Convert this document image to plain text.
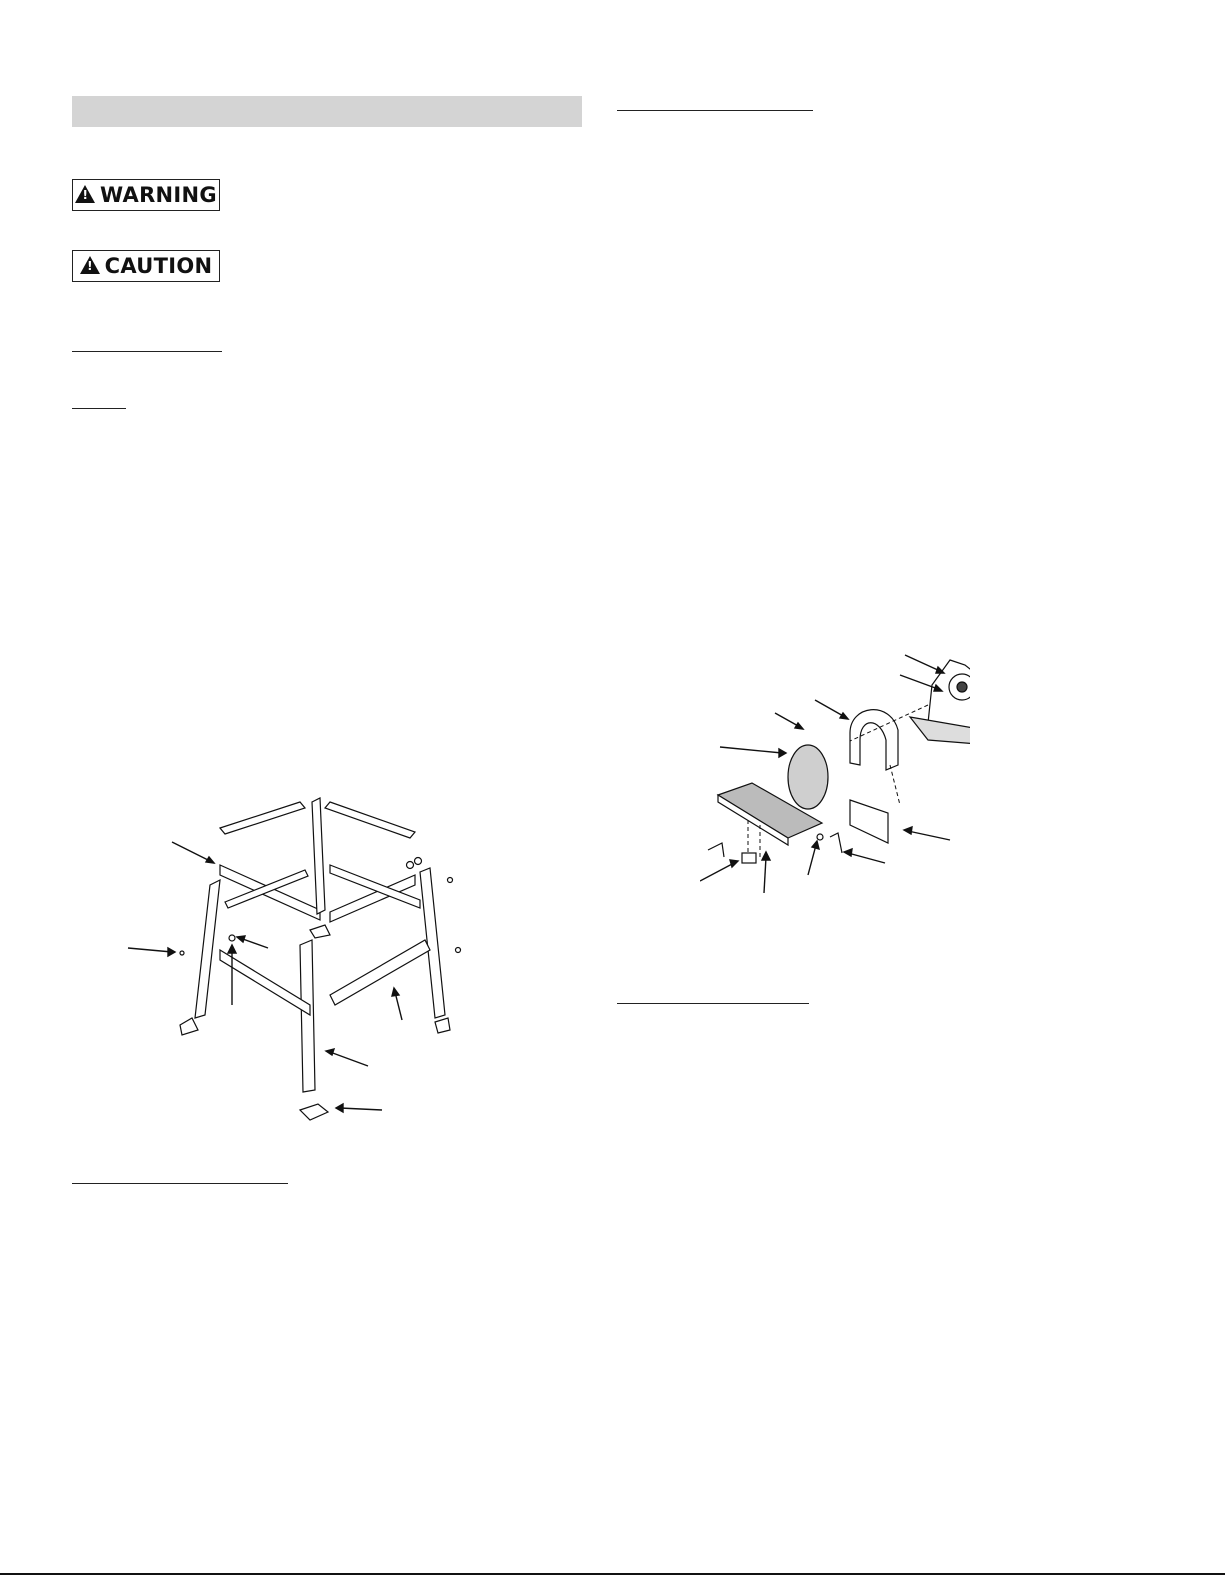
!
WARNING
!
CAUTION
